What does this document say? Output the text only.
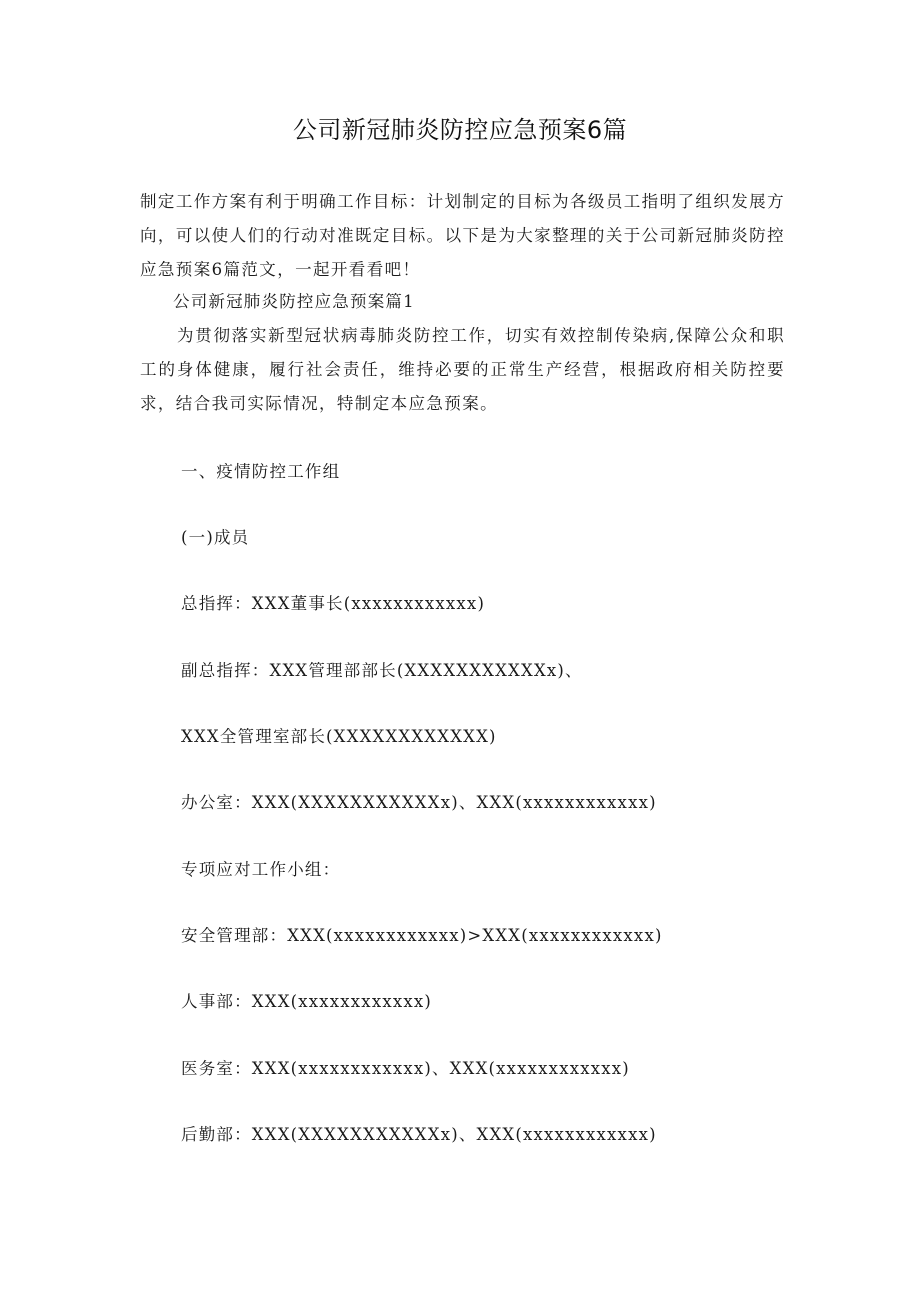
公司新冠肺炎防控应急预案6篇

制定工作方案有利于明确工作目标：计划制定的目标为各级员工指明了组织发展方向，可以使人们的行动对准既定目标。以下是为大家整理的关于公司新冠肺炎防控应急预案6篇范文，一起开看看吧！

公司新冠肺炎防控应急预案篇1

为贯彻落实新型冠状病毒肺炎防控工作，切实有效控制传染病,保障公众和职工的身体健康，履行社会责任，维持必要的正常生产经营，根据政府相关防控要求，结合我司实际情况，特制定本应急预案。

一、疫情防控工作组
(一)成员
总指挥：XXX董事长(xxxxxxxxxxxx)
副总指挥：XXX管理部部长(XXXXXXXXXXXx)、
XXX全管理室部长(XXXXXXXXXXXX)
办公室：XXX(XXXXXXXXXXXx)、XXX(xxxxxxxxxxxx)
专项应对工作小组：
安全管理部：XXX(xxxxxxxxxxxx)>XXX(xxxxxxxxxxxx)
人事部：XXX(xxxxxxxxxxxx)
医务室：XXX(xxxxxxxxxxxx)、XXX(xxxxxxxxxxxx)
后勤部：XXX(XXXXXXXXXXXx)、XXX(xxxxxxxxxxxx)
